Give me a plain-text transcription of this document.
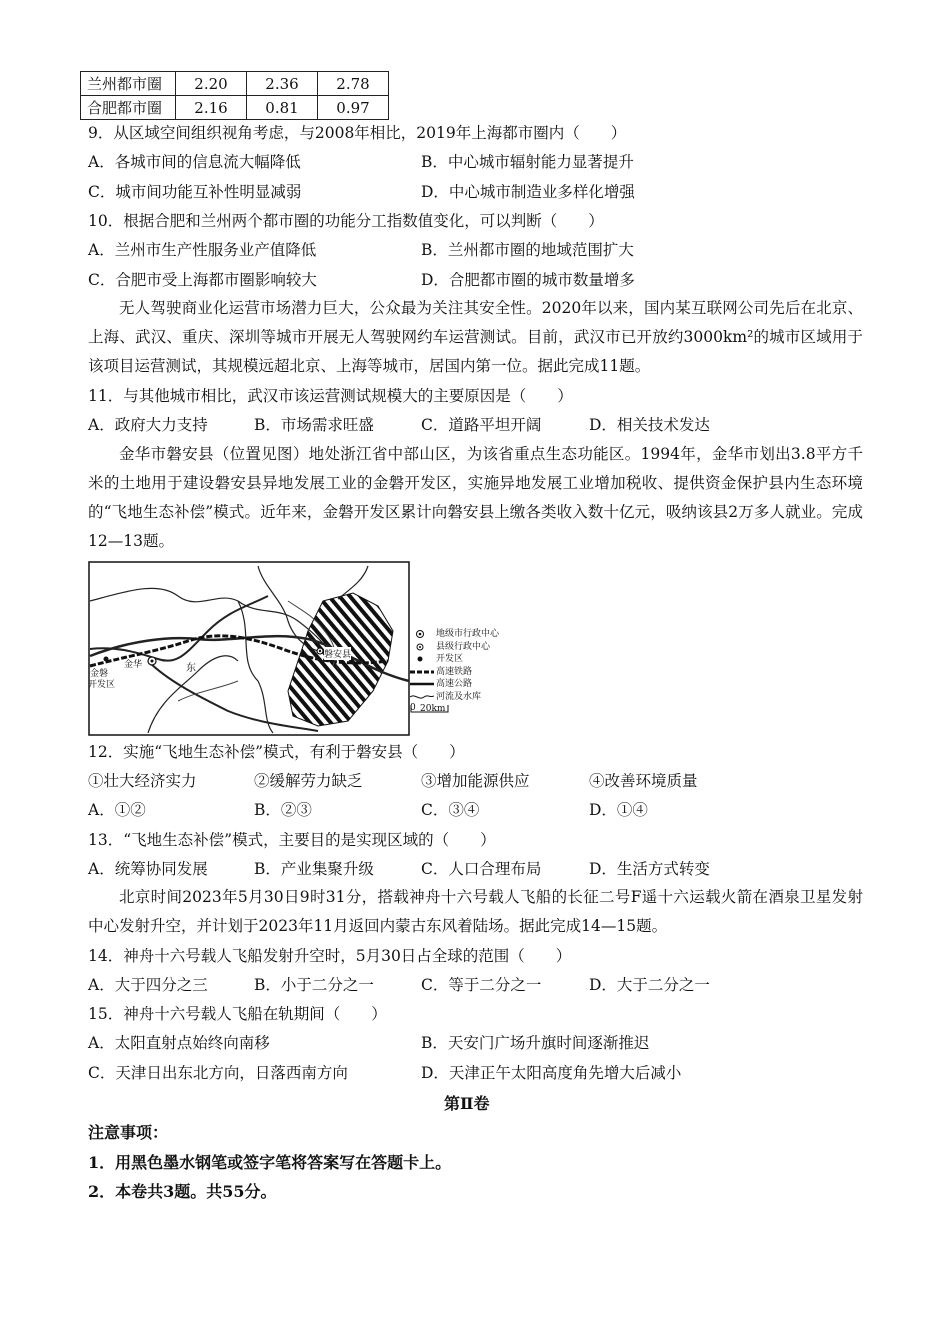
兰州都市圈	2.20	2.36	2.78
合肥都市圈	2.16	0.81	0.97
9．从区域空间组织视角考虑，与2008年相比，2019年上海都市圈内（　　）
A．各城市间的信息流大幅降低	B．中心城市辐射能力显著提升
C．城市间功能互补性明显减弱	D．中心城市制造业多样化增强
10．根据合肥和兰州两个都市圈的功能分工指数值变化，可以判断（　　）
A．兰州市生产性服务业产值降低	B．兰州都市圈的地域范围扩大
C．合肥市受上海都市圈影响较大	D．合肥都市圈的城市数量增多
无人驾驶商业化运营市场潜力巨大，公众最为关注其安全性。2020年以来，国内某互联网公司先后在北京、上海、武汉、重庆、深圳等城市开展无人驾驶网约车运营测试。目前，武汉市已开放约3000km²的城市区域用于该项目运营测试，其规模远超北京、上海等城市，居国内第一位。据此完成11题。
11．与其他城市相比，武汉市该运营测试规模大的主要原因是（　　）
A．政府大力支持	B．市场需求旺盛	C．道路平坦开阔	D．相关技术发达
金华市磐安县（位置见图）地处浙江省中部山区，为该省重点生态功能区。1994年，金华市划出3.8平方千米的土地用于建设磐安县异地发展工业的金磐开发区，实施异地发展工业增加税收、提供资金保护县内生态环境的“飞地生态补偿”模式。近年来，金磐开发区累计向磐安县上缴各类收入数十亿元，吸纳该县2万多人就业。完成12—13题。
东
金华
金磐
开发区
磐安县
地级市行政中心
县级行政中心
开发区
高速铁路
高速公路
河流及水库
0 20km
12．实施“飞地生态补偿”模式，有利于磐安县（　　）
①壮大经济实力	②缓解劳力缺乏	③增加能源供应	④改善环境质量
A．①②	B．②③	C．③④	D．①④
13．“飞地生态补偿”模式，主要目的是实现区域的（　　）
A．统筹协同发展	B．产业集聚升级	C．人口合理布局	D．生活方式转变
北京时间2023年5月30日9时31分，搭载神舟十六号载人飞船的长征二号F遥十六运载火箭在酒泉卫星发射中心发射升空，并计划于2023年11月返回内蒙古东风着陆场。据此完成14—15题。
14．神舟十六号载人飞船发射升空时，5月30日占全球的范围（　　）
A．大于四分之三	B．小于二分之一	C．等于二分之一	D．大于二分之一
15．神舟十六号载人飞船在轨期间（　　）
A．太阳直射点始终向南移	B．天安门广场升旗时间逐渐推迟
C．天津日出东北方向，日落西南方向	D．天津正午太阳高度角先增大后减小
第Ⅱ卷
注意事项：
1．用黑色墨水钢笔或签字笔将答案写在答题卡上。
2．本卷共3题。共55分。
